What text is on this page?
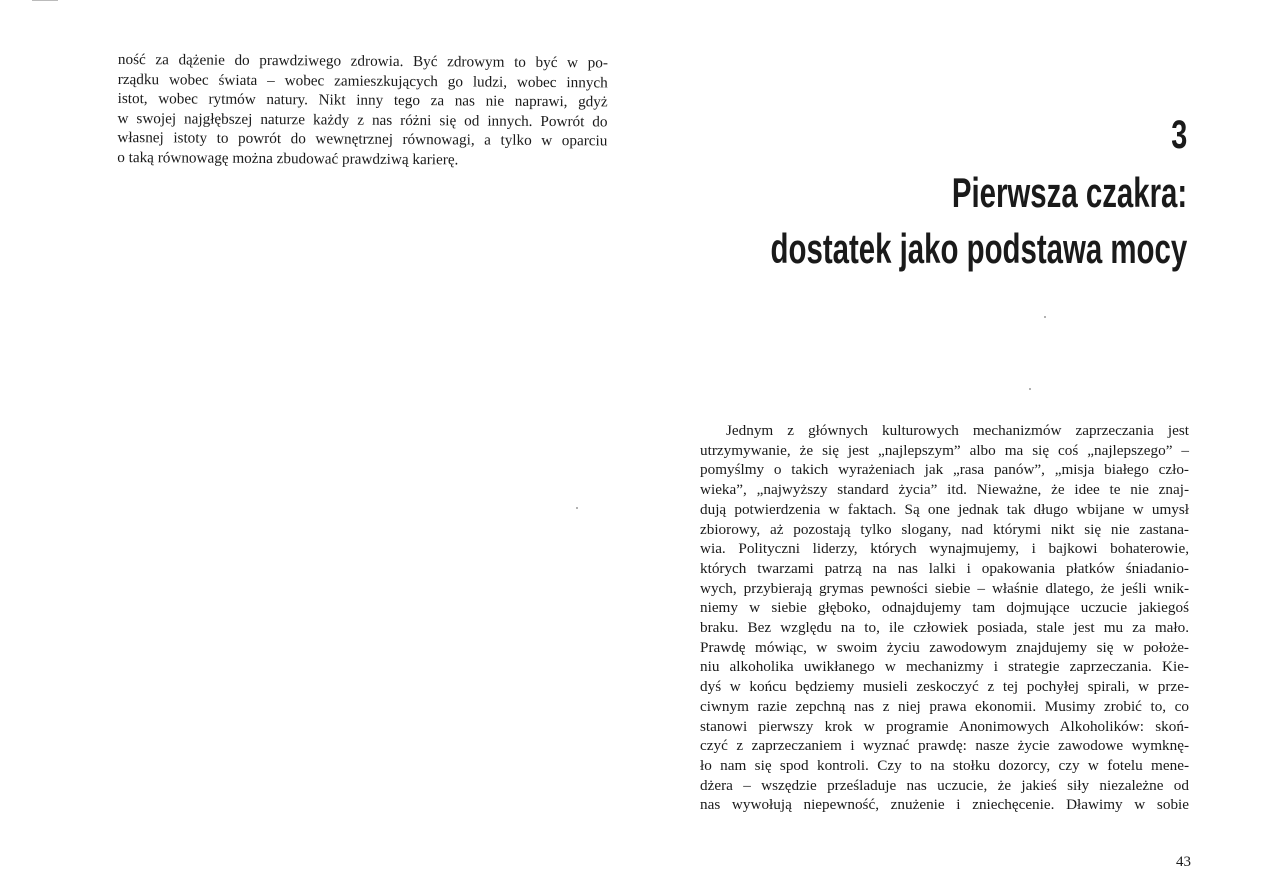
ność za dążenie do prawdziwego zdrowia. Być zdrowym to być w po-
rządku wobec świata – wobec zamieszkujących go ludzi, wobec innych
istot, wobec rytmów natury. Nikt inny tego za nas nie naprawi, gdyż
w swojej najgłębszej naturze każdy z nas różni się od innych. Powrót do
własnej istoty to powrót do wewnętrznej równowagi, a tylko w oparciu
o taką równowagę można zbudować prawdziwą karierę.
3
Pierwsza czakra:
dostatek jako podstawa mocy
Jednym z głównych kulturowych mechanizmów zaprzeczania jest
utrzymywanie, że się jest „najlepszym” albo ma się coś „najlepszego” –
pomyślmy o takich wyrażeniach jak „rasa panów”, „misja białego czło-
wieka”, „najwyższy standard życia” itd. Nieważne, że idee te nie znaj-
dują potwierdzenia w faktach. Są one jednak tak długo wbijane w umysł
zbiorowy, aż pozostają tylko slogany, nad którymi nikt się nie zastana-
wia. Polityczni liderzy, których wynajmujemy, i bajkowi bohaterowie,
których twarzami patrzą na nas lalki i opakowania płatków śniadanio-
wych, przybierają grymas pewności siebie – właśnie dlatego, że jeśli wnik-
niemy w siebie głęboko, odnajdujemy tam dojmujące uczucie jakiegoś
braku. Bez względu na to, ile człowiek posiada, stale jest mu za mało.
Prawdę mówiąc, w swoim życiu zawodowym znajdujemy się w położe-
niu alkoholika uwikłanego w mechanizmy i strategie zaprzeczania. Kie-
dyś w końcu będziemy musieli zeskoczyć z tej pochyłej spirali, w prze-
ciwnym razie zepchną nas z niej prawa ekonomii. Musimy zrobić to, co
stanowi pierwszy krok w programie Anonimowych Alkoholików: skoń-
czyć z zaprzeczaniem i wyznać prawdę: nasze życie zawodowe wymknę-
ło nam się spod kontroli. Czy to na stołku dozorcy, czy w fotelu mene-
dżera – wszędzie prześladuje nas uczucie, że jakieś siły niezależne od
nas wywołują niepewność, znużenie i zniechęcenie. Dławimy w sobie
43
